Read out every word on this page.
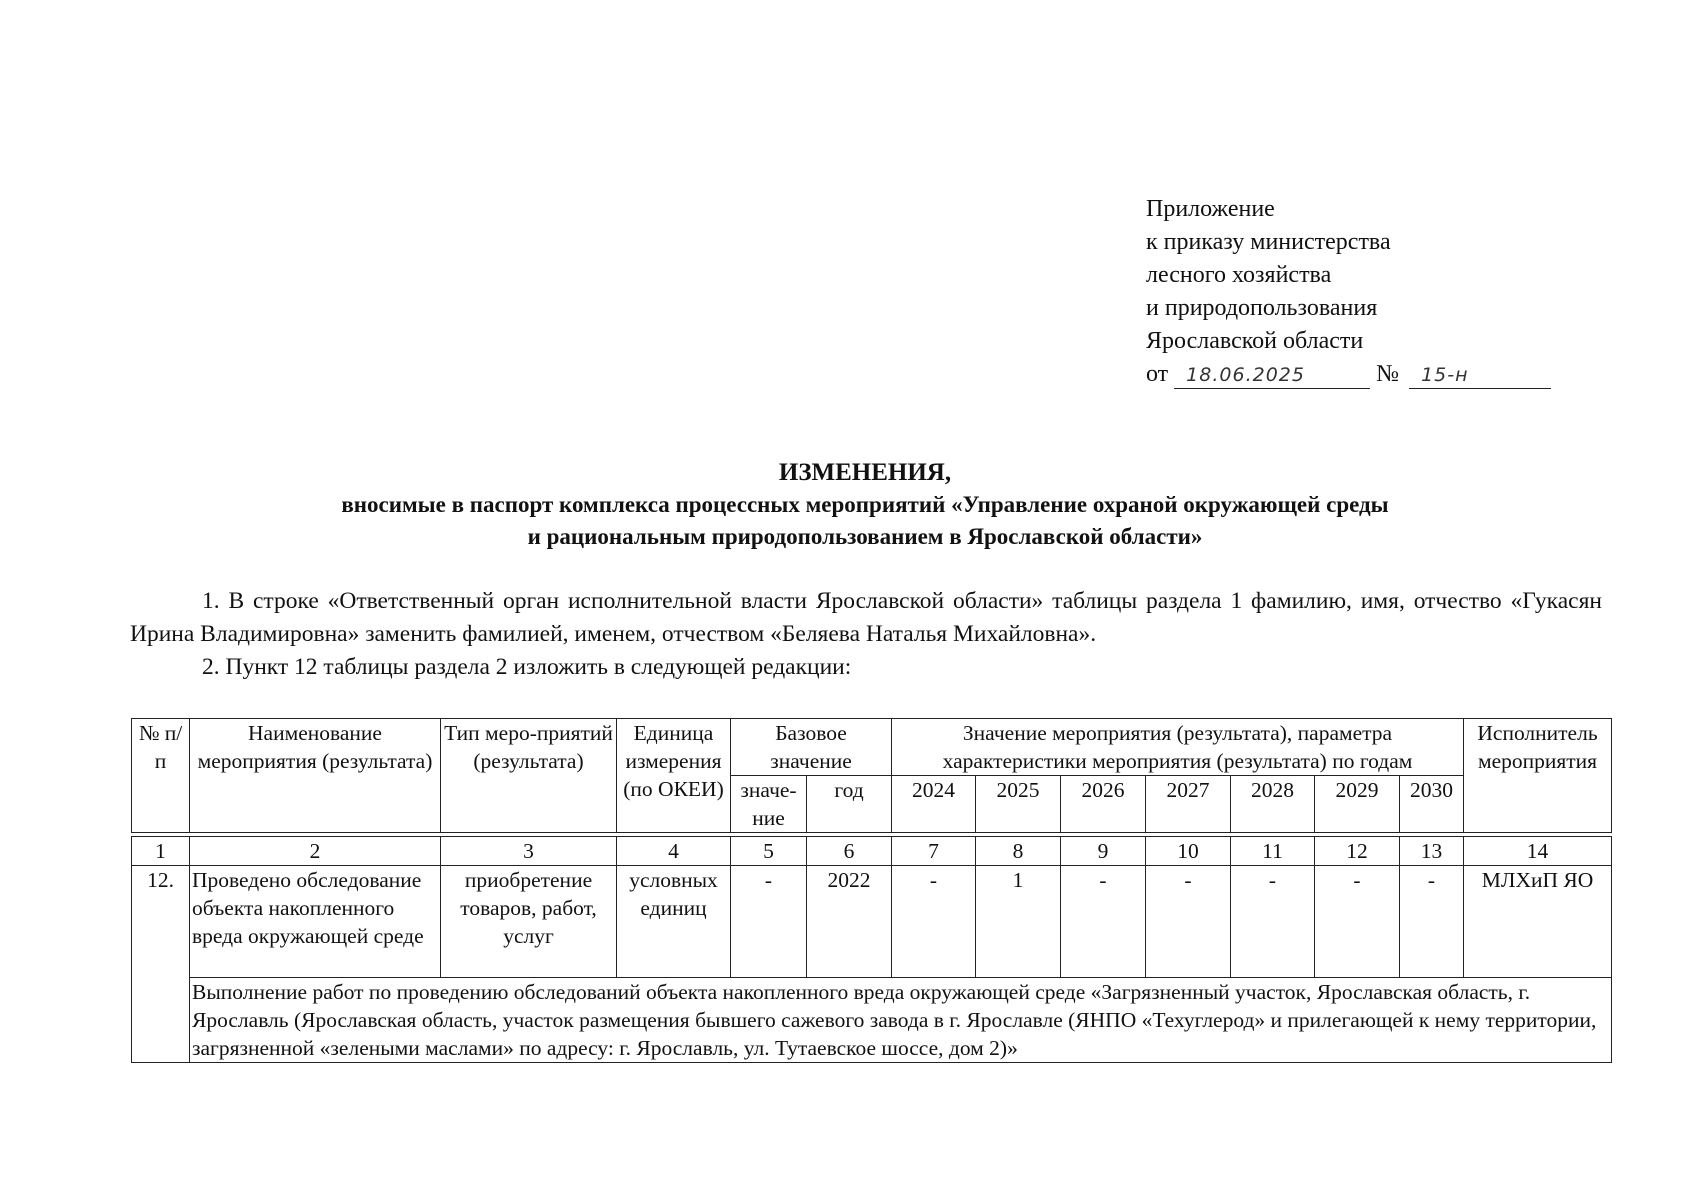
Приложение
к приказу министерства
лесного хозяйства
и природопользования
Ярославской области
от 18.06.2025	№ 15-н
ИЗМЕНЕНИЯ,
вносимые в паспорт комплекса процессных мероприятий «Управление охраной окружающей среды
и рациональным природопользованием в Ярославской области»
1. В строке «Ответственный орган исполнительной власти Ярославской области» таблицы раздела 1 фамилию, имя, отчество «Гукасян Ирина Владимировна» заменить фамилией, именем, отчеством «Беляева Наталья Михайловна».
2. Пункт 12 таблицы раздела 2 изложить в следующей редакции:
№ п/п	Наименование мероприятия (результата)	Тип меро-приятий (результата)	Единица измерения (по ОКЕИ)	Базовое значение		Значение мероприятия (результата), параметра характеристики мероприятия (результата) по годам							Исполнитель мероприятия
				значе-ние	год	2024	2025	2026	2027	2028	2029	2030	

1	2	3	4	5	6	7	8	9	10	11	12	13	14
12.	Проведено обследование объекта накопленного вреда окружающей среде	приобретение товаров, работ, услуг	условных единиц	-	2022	-	1	-	-	-	-	-	МЛХиП ЯО
	Выполнение работ по проведению обследований объекта накопленного вреда окружающей среде «Загрязненный участок, Ярославская область, г. Ярославль (Ярославская область, участок размещения бывшего сажевого завода в г. Ярославле (ЯНПО «Техуглерод» и прилегающей к нему территории, загрязненной «зелеными маслами» по адресу: г. Ярославль, ул. Тутаевское шоссе, дом 2)»												
